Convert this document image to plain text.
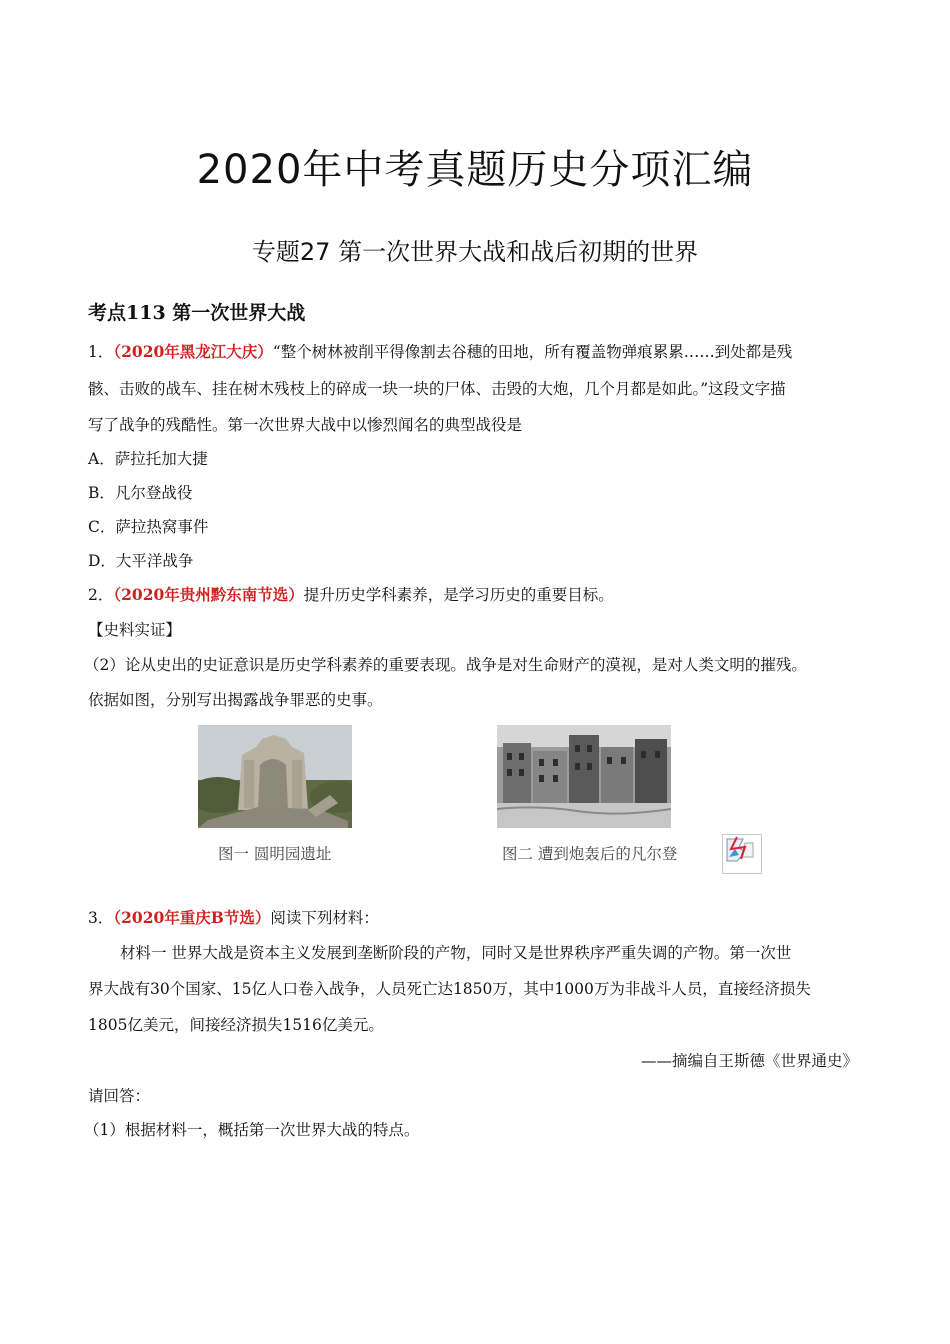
2020年中考真题历史分项汇编
专题27 第一次世界大战和战后初期的世界
考点113 第一次世界大战
1．（2020年黑龙江大庆）“整个树林被削平得像割去谷穗的田地，所有覆盖物弹痕累累……到处都是残
骸、击败的战车、挂在树木残枝上的碎成一块一块的尸体、击毁的大炮，几个月都是如此。”这段文字描
写了战争的残酷性。第一次世界大战中以惨烈闻名的典型战役是
A．萨拉托加大捷
B．凡尔登战役
C．萨拉热窝事件
D．大平洋战争
2．（2020年贵州黔东南节选）提升历史学科素养，是学习历史的重要目标。
【史料实证】
（2）论从史出的史证意识是历史学科素养的重要表现。战争是对生命财产的漠视，是对人类文明的摧残。
依据如图，分别写出揭露战争罪恶的史事。
图一 圆明园遗址	图二 遭到炮轰后的凡尔登
3．（2020年重庆B节选）阅读下列材料：
材料一 世界大战是资本主义发展到垄断阶段的产物，同时又是世界秩序严重失调的产物。第一次世
界大战有30个国家、15亿人口卷入战争，人员死亡达1850万，其中1000万为非战斗人员，直接经济损失
1805亿美元，间接经济损失1516亿美元。
——摘编自王斯德《世界通史》
请回答：
（1）根据材料一，概括第一次世界大战的特点。
